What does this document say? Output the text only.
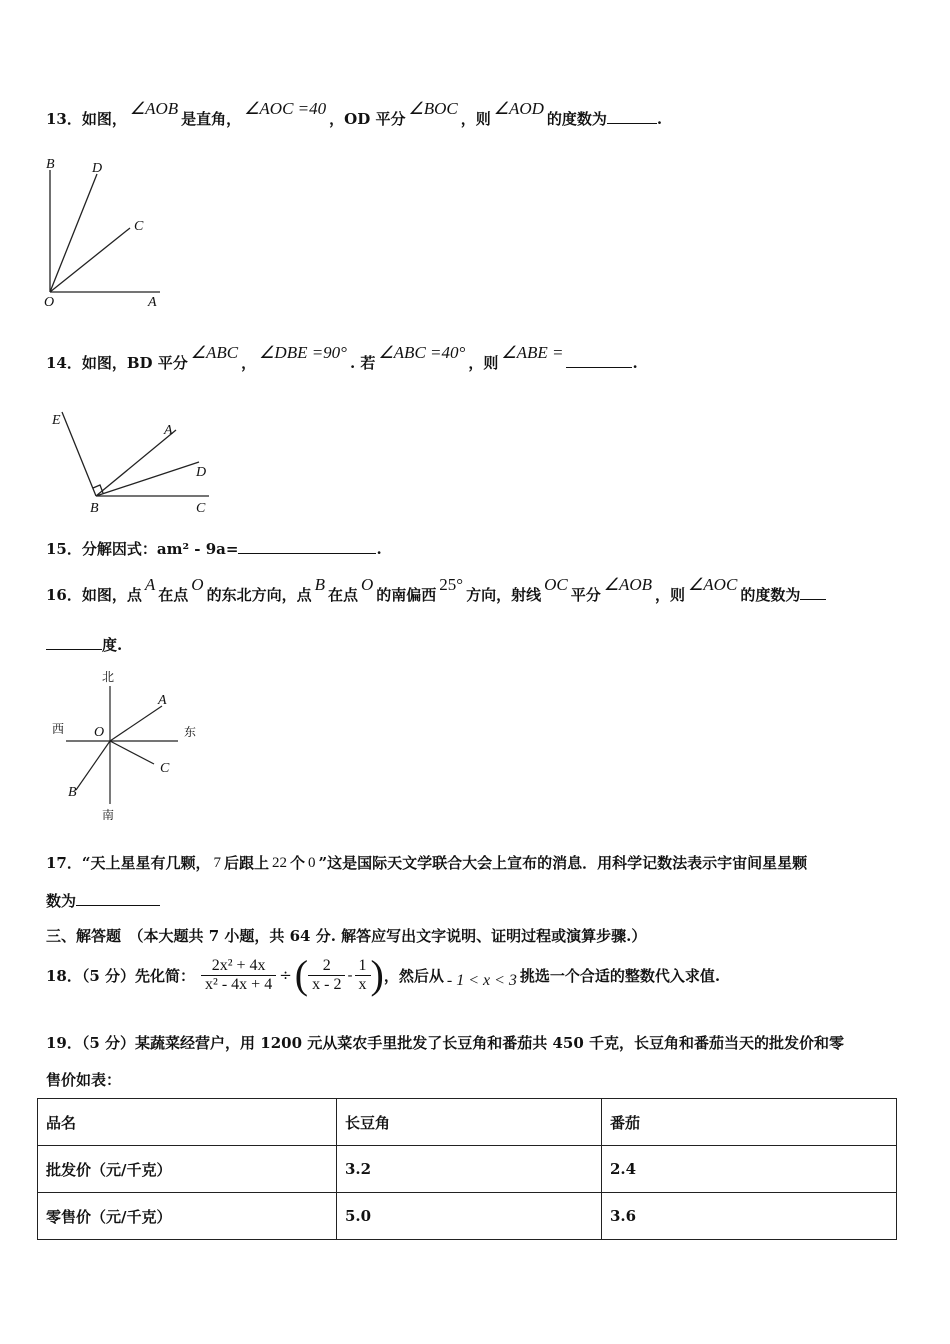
13．如图，∠AOB是直角，∠AOC =40，OD 平分∠BOC，则∠AOD的度数为	.
B	D
C
O	A
14．如图，BD 平分∠ABC，∠DBE =90°. 若∠ABC =40°，则∠ABE =.
E
A
D
B	C
15．分解因式：am² - 9a=	.
16．如图，点A在点O的东北方向，点B在点O的南偏西25°方向，射线OC平分∠AOB，则∠AOC的度数为
度.
北
南
西	东
O
A
C
B
17．“天上星星有几颗， 7 后跟上 22 个 0 ”这是国际天文学联合大会上宣布的消息．用科学记数法表示宇宙间星星颗
数为
三、解答题　（本大题共 7 小题，共 64 分. 解答应写出文字说明、证明过程或演算步骤.）
18．（5 分）先化简： $\frac{\text{2x² + 4x}}{\text{x² - 4x + 4}}$ ÷ ( $\frac{2}{x - 2} - \frac{1}{x}$ ) ，然后从 - 1 < x < 3 挑选一个合适的整数代入求值.
19．（5 分）某蔬菜经营户，用 1200 元从菜农手里批发了长豆角和番茄共 450 千克，长豆角和番茄当天的批发价和零
售价如表：
品名	长豆角	番茄
批发价（元/千克）	3.2	2.4
零售价（元/千克）	5.0	3.6
